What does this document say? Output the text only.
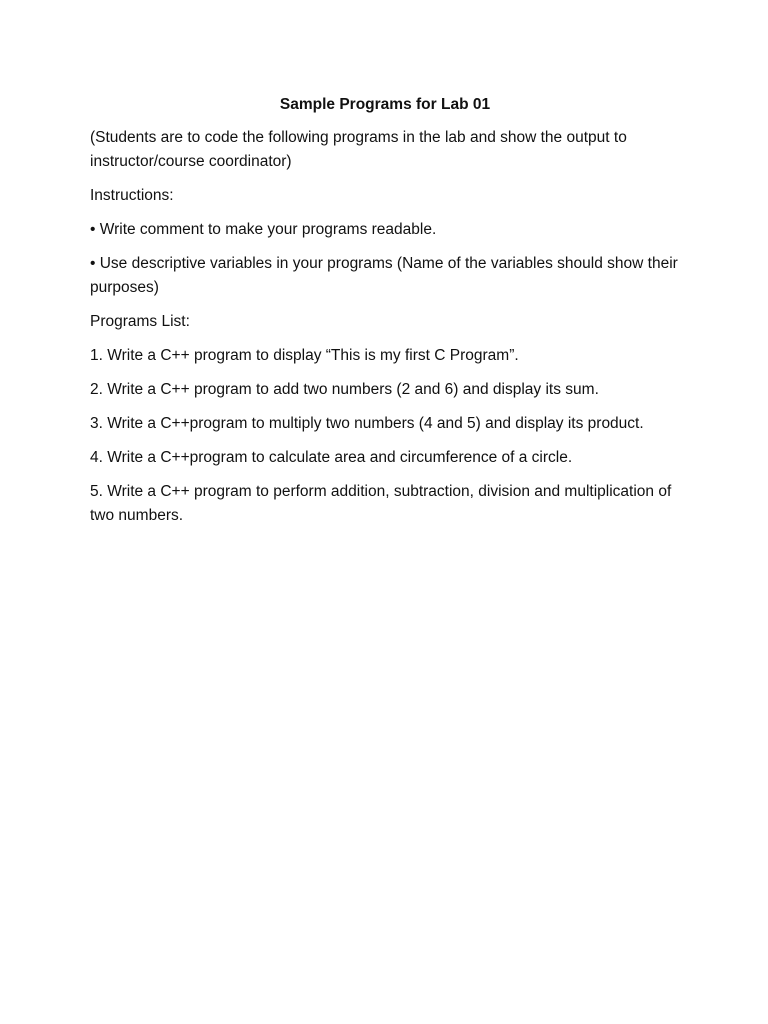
Sample Programs for Lab 01
(Students are to code the following programs in the lab and show the output to instructor/course coordinator)
Instructions:
• Write comment to make your programs readable.
• Use descriptive variables in your programs (Name of the variables should show their purposes)
Programs List:
1. Write a C++ program to display “This is my first C Program”.
2. Write a C++ program to add two numbers (2 and 6) and display its sum.
3. Write a C++program to multiply two numbers (4 and 5) and display its product.
4. Write a C++program to calculate area and circumference of a circle.
5. Write a C++ program to perform addition, subtraction, division and multiplication of two numbers.
